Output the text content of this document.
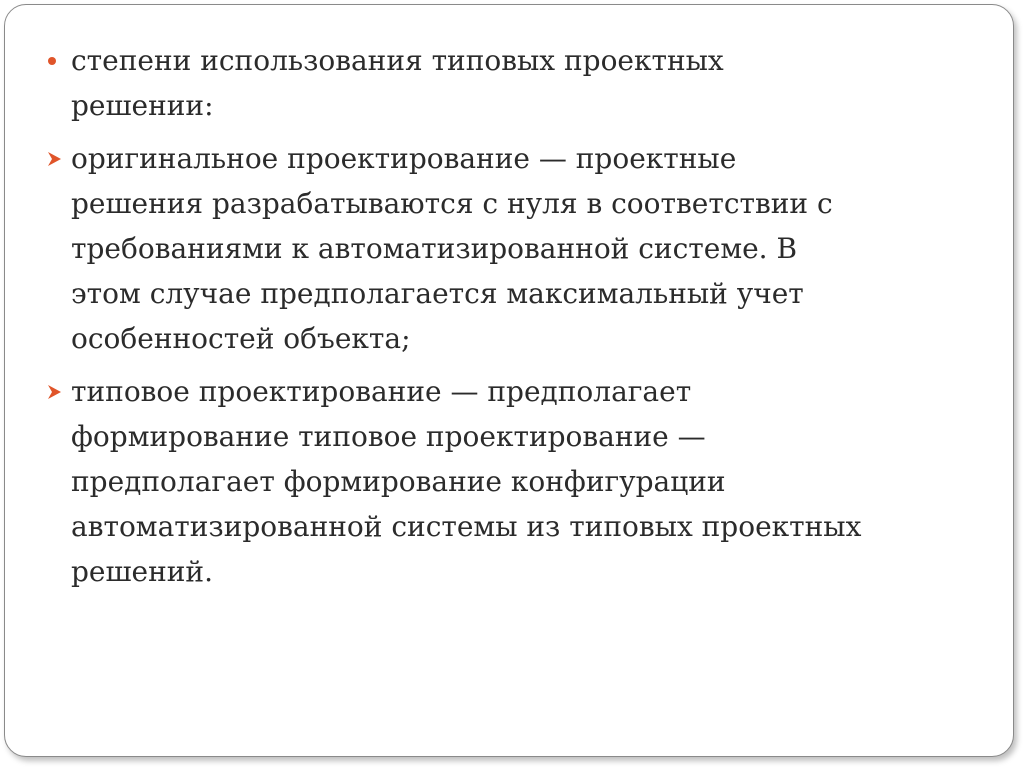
степени использования типовых проектных
решении:
оригинальное проектирование — проектные
решения разрабатываются с нуля в соответствии с
требованиями к автоматизированной системе. В
этом случае предполагается максимальный учет
особенностей объекта;
типовое проектирование — предполагает
формирование типовое проектирование —
предполагает формирование конфигурации
автоматизированной системы из типовых проектных
решений.
